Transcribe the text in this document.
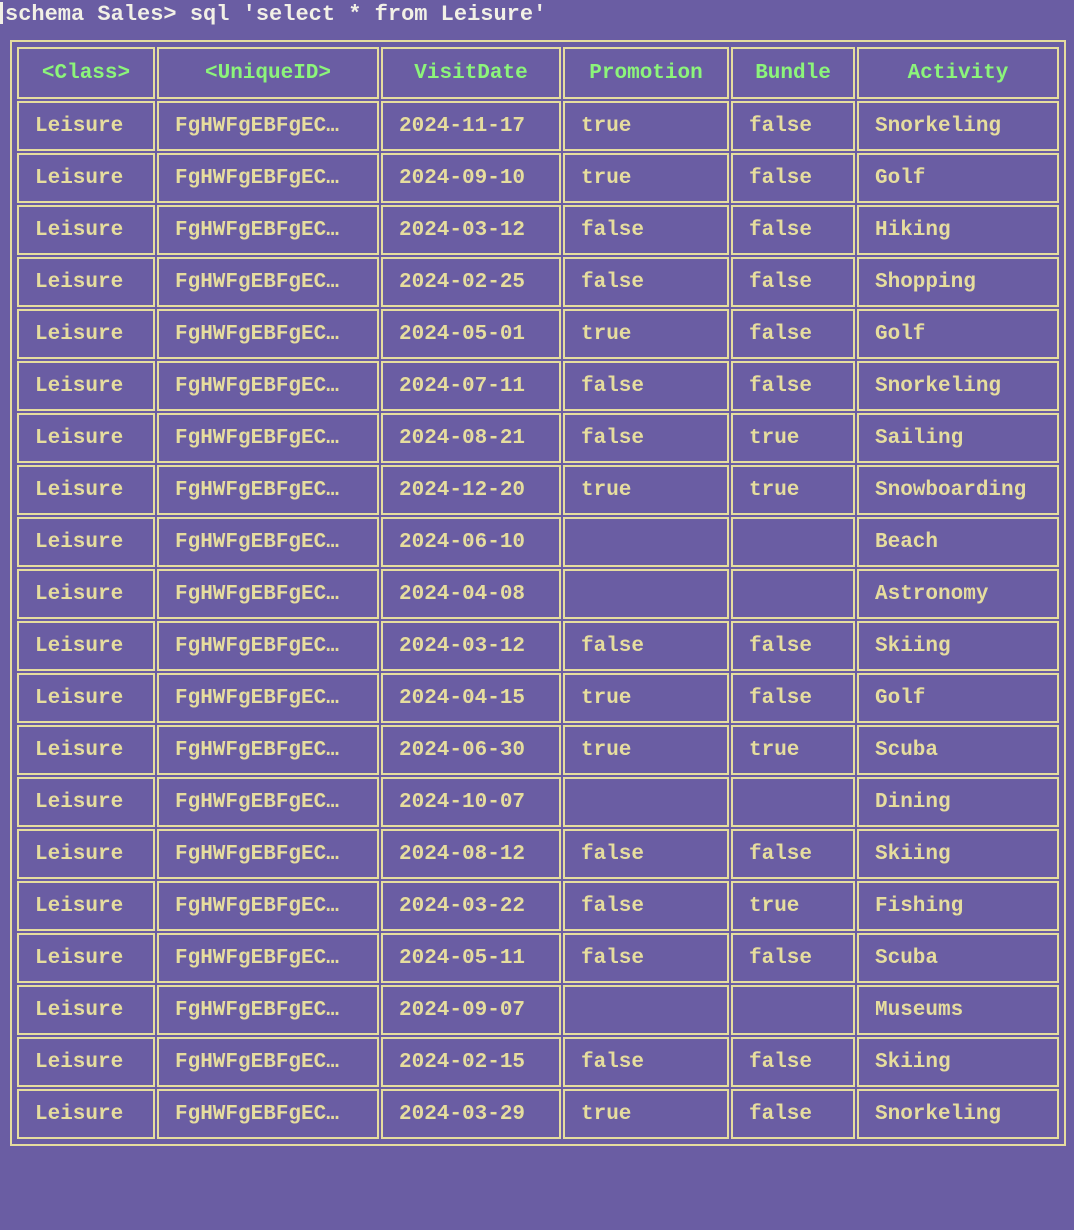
schema Sales> sql 'select * from Leisure'
<Class>	<UniqueID>	VisitDate	Promotion	Bundle	Activity
Leisure	FgHWFgEBFgEC…	2024-11-17	true	false	Snorkeling
Leisure	FgHWFgEBFgEC…	2024-09-10	true	false	Golf
Leisure	FgHWFgEBFgEC…	2024-03-12	false	false	Hiking
Leisure	FgHWFgEBFgEC…	2024-02-25	false	false	Shopping
Leisure	FgHWFgEBFgEC…	2024-05-01	true	false	Golf
Leisure	FgHWFgEBFgEC…	2024-07-11	false	false	Snorkeling
Leisure	FgHWFgEBFgEC…	2024-08-21	false	true	Sailing
Leisure	FgHWFgEBFgEC…	2024-12-20	true	true	Snowboarding
Leisure	FgHWFgEBFgEC…	2024-06-10			Beach
Leisure	FgHWFgEBFgEC…	2024-04-08			Astronomy
Leisure	FgHWFgEBFgEC…	2024-03-12	false	false	Skiing
Leisure	FgHWFgEBFgEC…	2024-04-15	true	false	Golf
Leisure	FgHWFgEBFgEC…	2024-06-30	true	true	Scuba
Leisure	FgHWFgEBFgEC…	2024-10-07			Dining
Leisure	FgHWFgEBFgEC…	2024-08-12	false	false	Skiing
Leisure	FgHWFgEBFgEC…	2024-03-22	false	true	Fishing
Leisure	FgHWFgEBFgEC…	2024-05-11	false	false	Scuba
Leisure	FgHWFgEBFgEC…	2024-09-07			Museums
Leisure	FgHWFgEBFgEC…	2024-02-15	false	false	Skiing
Leisure	FgHWFgEBFgEC…	2024-03-29	true	false	Snorkeling
